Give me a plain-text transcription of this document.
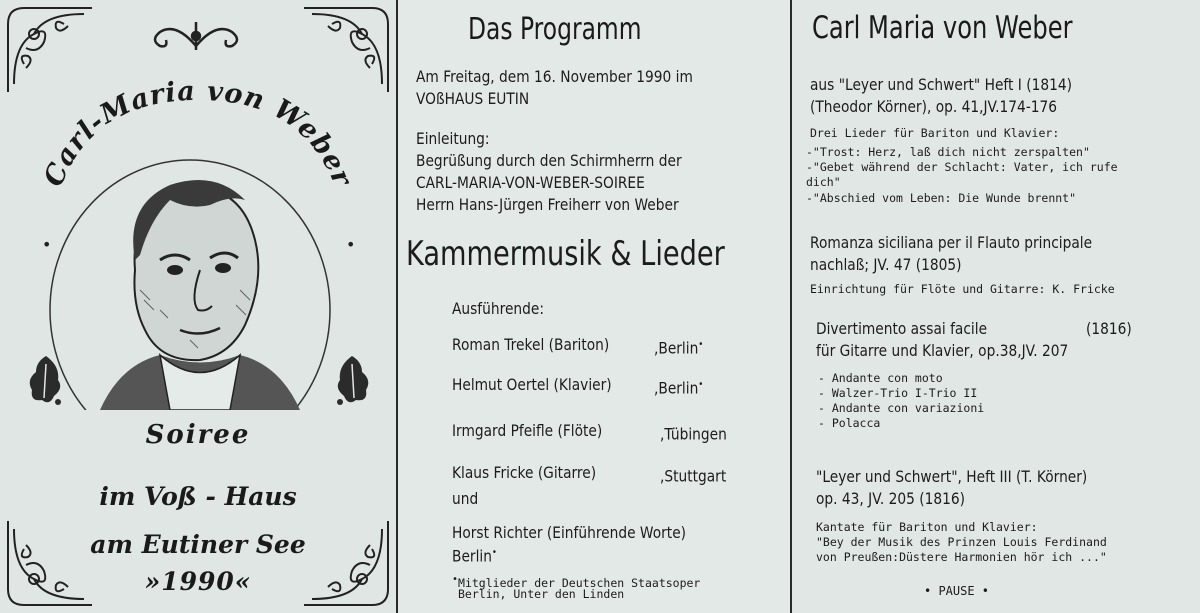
Carl-Maria von Weber
•	•
Soiree
im Voß - Haus
am Eutiner See
»1990«
Das Programm
Am Freitag, dem 16. November 1990 im
VOßHAUS EUTIN
Einleitung:
Begrüßung durch den Schirmherrn der
CARL-MARIA-VON-WEBER-SOIREE
Herrn Hans-Jürgen Freiherr von Weber
Kammermusik & Lieder
Ausführende:
Roman Trekel (Bariton)	,Berlin•
Helmut Oertel (Klavier)	,Berlin•
Irmgard Pfeifle (Flöte)	,Tübingen
Klaus Fricke (Gitarre)	,Stuttgart
und
Horst Richter (Einführende Worte)
Berlin•
•Mitglieder der Deutschen Staatsoper
Berlin, Unter den Linden
Carl Maria von Weber
aus "Leyer und Schwert" Heft I (1814)
(Theodor Körner), op. 41,JV.174-176
Drei Lieder für Bariton und Klavier:
-"Trost: Herz, laß dich nicht zerspalten"
-"Gebet während der Schlacht: Vater, ich rufe
dich"
-"Abschied vom Leben: Die Wunde brennt"
Romanza siciliana per il Flauto principale
nachlaß; JV. 47 (1805)
Einrichtung für Flöte und Gitarre: K. Fricke
Divertimento assai facile	(1816)
für Gitarre und Klavier, op.38,JV. 207
- Andante con moto
- Walzer-Trio I-Trio II
- Andante con variazioni
- Polacca
"Leyer und Schwert", Heft III (T. Körner)
op. 43, JV. 205 (1816)
Kantate für Bariton und Klavier:
"Bey der Musik des Prinzen Louis Ferdinand
von Preußen:Düstere Harmonien hör ich ..."
• PAUSE •
